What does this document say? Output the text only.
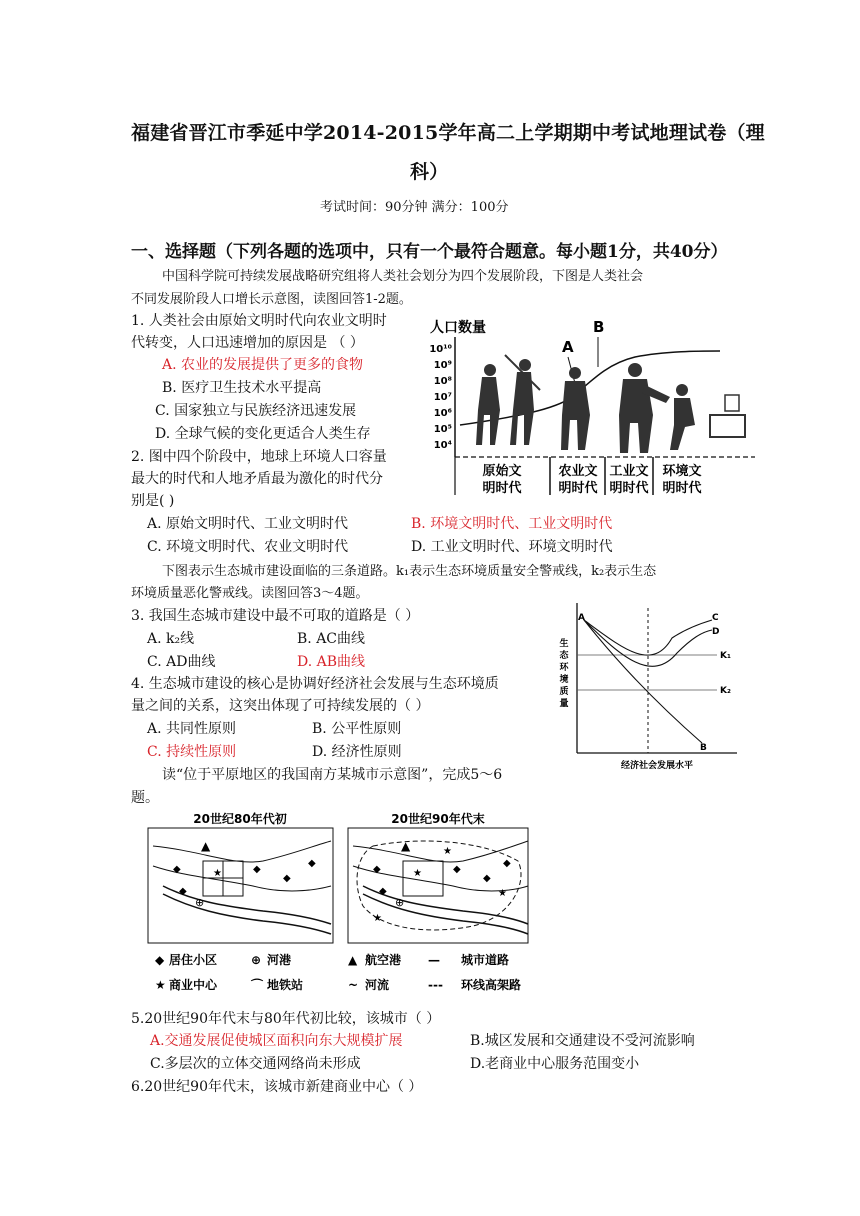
福建省晋江市季延中学2014-2015学年高二上学期期中考试地理试卷（理
科）
考试时间：90分钟 满分：100分
一、选择题（下列各题的选项中，只有一个最符合题意。每小题1分，共40分）
中国科学院可持续发展战略研究组将人类社会划分为四个发展阶段，下图是人类社会
不同发展阶段人口增长示意图，读图回答1-2题。
1. 人类社会由原始文明时代向农业文明时
代转变，人口迅速增加的原因是 （ ）
A. 农业的发展提供了更多的食物
B. 医疗卫生技术水平提高
C. 国家独立与民族经济迅速发展
D. 全球气候的变化更适合人类生存
2. 图中四个阶段中，地球上环境人口容量
最大的时代和人地矛盾最为激化的时代分
别是( )
A. 原始文明时代、工业文明时代	B. 环境文明时代、工业文明时代
C. 环境文明时代、农业文明时代	D. 工业文明时代、环境文明时代
人口数量
10¹⁰
10⁹
10⁸
10⁷
10⁶
10⁵
10⁴
A
B
原始文
明时代
农业文
明时代
工业文
明时代
环境文
明时代
下图表示生态城市建设面临的三条道路。k₁表示生态环境质量安全警戒线，k₂表示生态
环境质量恶化警戒线。读图回答3～4题。
3. 我国生态城市建设中最不可取的道路是（ ）
A. k₂线	B. AC曲线
C. AD曲线	D. AB曲线
4. 生态城市建设的核心是协调好经济社会发展与生态环境质
量之间的关系，这突出体现了可持续发展的（ ）
A. 共同性原则	B. 公平性原则
C. 持续性原则	D. 经济性原则
生
态
环
境
质
量
经济社会发展水平
K₁
K₂
A	C
D
B
读“位于平原地区的我国南方某城市示意图”，完成5～6
题。
20世纪80年代初
⊕
▲
◆
◆
◆
◆
◆
★
20世纪90年代末
⊕
▲
◆
◆
◆
◆
◆
★
★
★
★
◆ 居住小区	⊕ 河港	▲ 航空港 — 城市道路
★ 商业中心	⌒ 地铁站	~ 河流	--- 环线高架路
5.20世纪90年代末与80年代初比较，该城市（ ）
A.交通发展促使城区面积向东大规模扩展	B.城区发展和交通建设不受河流影响
C.多层次的立体交通网络尚未形成	D.老商业中心服务范围变小
6.20世纪90年代末，该城市新建商业中心（ ）
